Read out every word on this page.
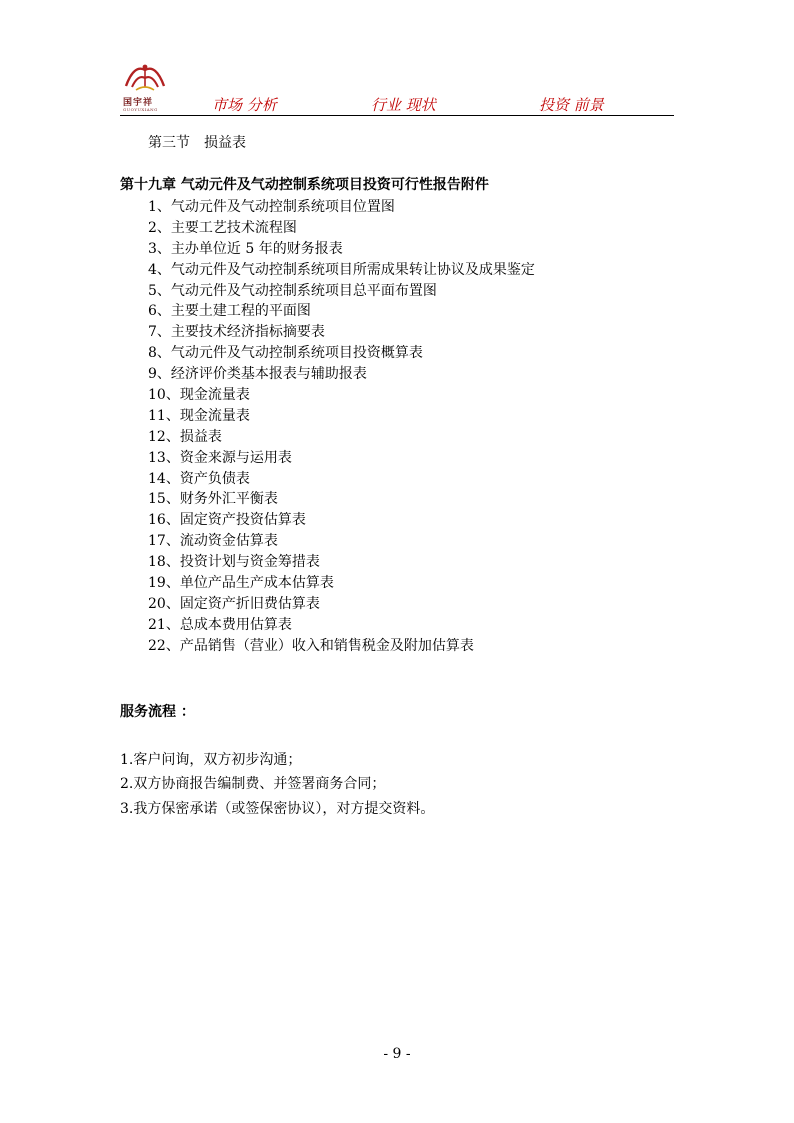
国宇祥
GUOYUXIANG	市场 分析	行业 现状	投资 前景
第三节　损益表
第十九章 气动元件及气动控制系统项目投资可行性报告附件
1、气动元件及气动控制系统项目位置图
2、主要工艺技术流程图
3、主办单位近 5 年的财务报表
4、气动元件及气动控制系统项目所需成果转让协议及成果鉴定
5、气动元件及气动控制系统项目总平面布置图
6、主要土建工程的平面图
7、主要技术经济指标摘要表
8、气动元件及气动控制系统项目投资概算表
9、经济评价类基本报表与辅助报表
10、现金流量表
11、现金流量表
12、损益表
13、资金来源与运用表
14、资产负债表
15、财务外汇平衡表
16、固定资产投资估算表
17、流动资金估算表
18、投资计划与资金筹措表
19、单位产品生产成本估算表
20、固定资产折旧费估算表
21、总成本费用估算表
22、产品销售（营业）收入和销售税金及附加估算表
服务流程 ：
1.客户问询，双方初步沟通；
2.双方协商报告编制费、并签署商务合同；
3.我方保密承诺（或签保密协议），对方提交资料。
- 9 -
